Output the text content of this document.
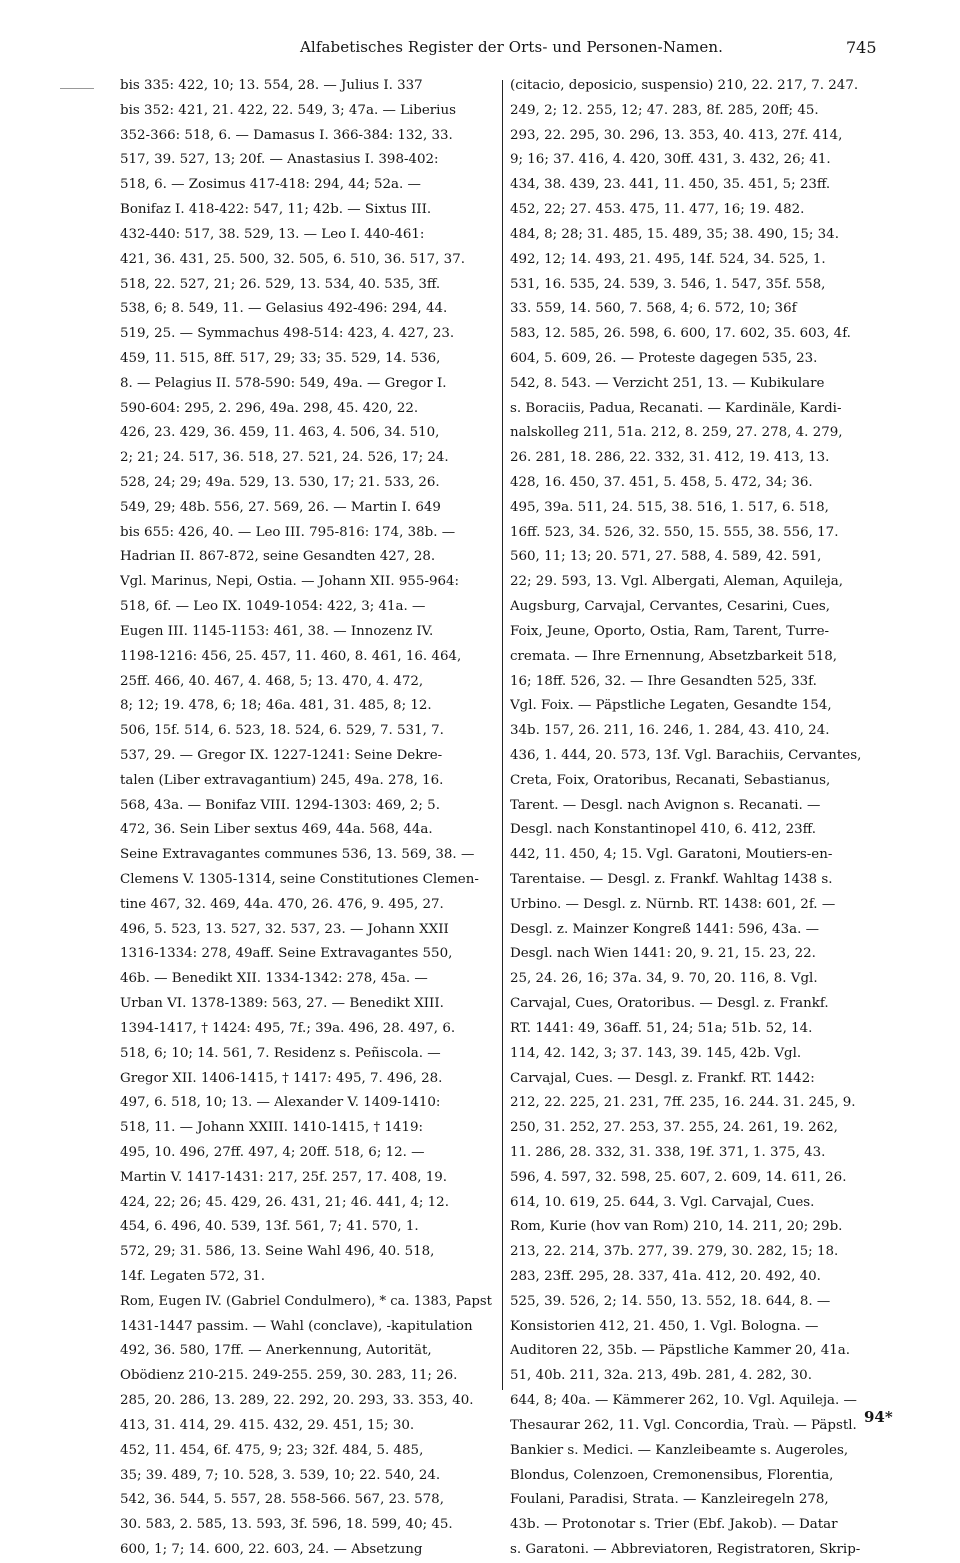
Alfabetisches Register der Orts- und Personen-Namen.	745
bis 335: 422, 10; 13. 554, 28. — Julius I. 337
bis 352: 421, 21. 422, 22. 549, 3; 47a. — Liberius
352-366: 518, 6. — Damasus I. 366-384: 132, 33.
517, 39. 527, 13; 20f. — Anastasius I. 398-402:
518, 6. — Zosimus 417-418: 294, 44; 52a. —
Bonifaz I. 418-422: 547, 11; 42b. — Sixtus III.
432-440: 517, 38. 529, 13. — Leo I. 440-461:
421, 36. 431, 25. 500, 32. 505, 6. 510, 36. 517, 37.
518, 22. 527, 21; 26. 529, 13. 534, 40. 535, 3ff.
538, 6; 8. 549, 11. — Gelasius 492-496: 294, 44.
519, 25. — Symmachus 498-514: 423, 4. 427, 23.
459, 11. 515, 8ff. 517, 29; 33; 35. 529, 14. 536,
8. — Pelagius II. 578-590: 549, 49a. — Gregor I.
590-604: 295, 2. 296, 49a. 298, 45. 420, 22.
426, 23. 429, 36. 459, 11. 463, 4. 506, 34. 510,
2; 21; 24. 517, 36. 518, 27. 521, 24. 526, 17; 24.
528, 24; 29; 49a. 529, 13. 530, 17; 21. 533, 26.
549, 29; 48b. 556, 27. 569, 26. — Martin I. 649
bis 655: 426, 40. — Leo III. 795-816: 174, 38b. —
Hadrian II. 867-872, seine Gesandten 427, 28.
Vgl. Marinus, Nepi, Ostia. — Johann XII. 955-964:
518, 6f. — Leo IX. 1049-1054: 422, 3; 41a. —
Eugen III. 1145-1153: 461, 38. — Innozenz IV.
1198-1216: 456, 25. 457, 11. 460, 8. 461, 16. 464,
25ff. 466, 40. 467, 4. 468, 5; 13. 470, 4. 472,
8; 12; 19. 478, 6; 18; 46a. 481, 31. 485, 8; 12.
506, 15f. 514, 6. 523, 18. 524, 6. 529, 7. 531, 7.
537, 29. — Gregor IX. 1227-1241: Seine Dekre-
talen (Liber extravagantium) 245, 49a. 278, 16.
568, 43a. — Bonifaz VIII. 1294-1303: 469, 2; 5.
472, 36. Sein Liber sextus 469, 44a. 568, 44a.
Seine Extravagantes communes 536, 13. 569, 38. —
Clemens V. 1305-1314, seine Constitutiones Clemen-
tine 467, 32. 469, 44a. 470, 26. 476, 9. 495, 27.
496, 5. 523, 13. 527, 32. 537, 23. — Johann XXII
1316-1334: 278, 49aff. Seine Extravagantes 550,
46b. — Benedikt XII. 1334-1342: 278, 45a. —
Urban VI. 1378-1389: 563, 27. — Benedikt XIII.
1394-1417, † 1424: 495, 7f.; 39a. 496, 28. 497, 6.
518, 6; 10; 14. 561, 7. Residenz s. Peñiscola. —
Gregor XII. 1406-1415, † 1417: 495, 7. 496, 28.
497, 6. 518, 10; 13. — Alexander V. 1409-1410:
518, 11. — Johann XXIII. 1410-1415, † 1419:
495, 10. 496, 27ff. 497, 4; 20ff. 518, 6; 12. —
Martin V. 1417-1431: 217, 25f. 257, 17. 408, 19.
424, 22; 26; 45. 429, 26. 431, 21; 46. 441, 4; 12.
454, 6. 496, 40. 539, 13f. 561, 7; 41. 570, 1.
572, 29; 31. 586, 13. Seine Wahl 496, 40. 518,
14f. Legaten 572, 31.
Rom, Eugen IV. (Gabriel Condulmero), * ca. 1383, Papst
1431-1447 passim. — Wahl (conclave), -kapitulation
492, 36. 580, 17ff. — Anerkennung, Autorität,
Obödienz 210-215. 249-255. 259, 30. 283, 11; 26.
285, 20. 286, 13. 289, 22. 292, 20. 293, 33. 353, 40.
413, 31. 414, 29. 415. 432, 29. 451, 15; 30.
452, 11. 454, 6f. 475, 9; 23; 32f. 484, 5. 485,
35; 39. 489, 7; 10. 528, 3. 539, 10; 22. 540, 24.
542, 36. 544, 5. 557, 28. 558-566. 567, 23. 578,
30. 583, 2. 585, 13. 593, 3f. 596, 18. 599, 40; 45.
600, 1; 7; 14. 600, 22. 603, 24. — Absetzung
(citacio, deposicio, suspensio) 210, 22. 217, 7. 247.
249, 2; 12. 255, 12; 47. 283, 8f. 285, 20ff; 45.
293, 22. 295, 30. 296, 13. 353, 40. 413, 27f. 414,
9; 16; 37. 416, 4. 420, 30ff. 431, 3. 432, 26; 41.
434, 38. 439, 23. 441, 11. 450, 35. 451, 5; 23ff.
452, 22; 27. 453. 475, 11. 477, 16; 19. 482.
484, 8; 28; 31. 485, 15. 489, 35; 38. 490, 15; 34.
492, 12; 14. 493, 21. 495, 14f. 524, 34. 525, 1.
531, 16. 535, 24. 539, 3. 546, 1. 547, 35f. 558,
33. 559, 14. 560, 7. 568, 4; 6. 572, 10; 36f
583, 12. 585, 26. 598, 6. 600, 17. 602, 35. 603, 4f.
604, 5. 609, 26. — Proteste dagegen 535, 23.
542, 8. 543. — Verzicht 251, 13. — Kubikulare
s. Boraciis, Padua, Recanati. — Kardinäle, Kardi-
nalskolleg 211, 51a. 212, 8. 259, 27. 278, 4. 279,
26. 281, 18. 286, 22. 332, 31. 412, 19. 413, 13.
428, 16. 450, 37. 451, 5. 458, 5. 472, 34; 36.
495, 39a. 511, 24. 515, 38. 516, 1. 517, 6. 518,
16ff. 523, 34. 526, 32. 550, 15. 555, 38. 556, 17.
560, 11; 13; 20. 571, 27. 588, 4. 589, 42. 591,
22; 29. 593, 13. Vgl. Albergati, Aleman, Aquileja,
Augsburg, Carvajal, Cervantes, Cesarini, Cues,
Foix, Jeune, Oporto, Ostia, Ram, Tarent, Turre-
cremata. — Ihre Ernennung, Absetzbarkeit 518,
16; 18ff. 526, 32. — Ihre Gesandten 525, 33f.
Vgl. Foix. — Päpstliche Legaten, Gesandte 154,
34b. 157, 26. 211, 16. 246, 1. 284, 43. 410, 24.
436, 1. 444, 20. 573, 13f. Vgl. Barachiis, Cervantes,
Creta, Foix, Oratoribus, Recanati, Sebastianus,
Tarent. — Desgl. nach Avignon s. Recanati. —
Desgl. nach Konstantinopel 410, 6. 412, 23ff.
442, 11. 450, 4; 15. Vgl. Garatoni, Moutiers-en-
Tarentaise. — Desgl. z. Frankf. Wahltag 1438 s.
Urbino. — Desgl. z. Nürnb. RT. 1438: 601, 2f. —
Desgl. z. Mainzer Kongreß 1441: 596, 43a. —
Desgl. nach Wien 1441: 20, 9. 21, 15. 23, 22.
25, 24. 26, 16; 37a. 34, 9. 70, 20. 116, 8. Vgl.
Carvajal, Cues, Oratoribus. — Desgl. z. Frankf.
RT. 1441: 49, 36aff. 51, 24; 51a; 51b. 52, 14.
114, 42. 142, 3; 37. 143, 39. 145, 42b. Vgl.
Carvajal, Cues. — Desgl. z. Frankf. RT. 1442:
212, 22. 225, 21. 231, 7ff. 235, 16. 244. 31. 245, 9.
250, 31. 252, 27. 253, 37. 255, 24. 261, 19. 262,
11. 286, 28. 332, 31. 338, 19f. 371, 1. 375, 43.
596, 4. 597, 32. 598, 25. 607, 2. 609, 14. 611, 26.
614, 10. 619, 25. 644, 3. Vgl. Carvajal, Cues.
Rom, Kurie (hov van Rom) 210, 14. 211, 20; 29b.
213, 22. 214, 37b. 277, 39. 279, 30. 282, 15; 18.
283, 23ff. 295, 28. 337, 41a. 412, 20. 492, 40.
525, 39. 526, 2; 14. 550, 13. 552, 18. 644, 8. —
Konsistorien 412, 21. 450, 1. Vgl. Bologna. —
Auditoren 22, 35b. — Päpstliche Kammer 20, 41a.
51, 40b. 211, 32a. 213, 49b. 281, 4. 282, 30.
644, 8; 40a. — Kämmerer 262, 10. Vgl. Aquileja. —
Thesaurar 262, 11. Vgl. Concordia, Traù. — Päpstl.
Bankier s. Medici. — Kanzleibeamte s. Augeroles,
Blondus, Colenzoen, Cremonensibus, Florentia,
Foulani, Paradisi, Strata. — Kanzleiregeln 278,
43b. — Protonotar s. Trier (Ebf. Jakob). — Datar
s. Garatoni. — Abbreviatoren, Registratoren, Skrip-
94*
